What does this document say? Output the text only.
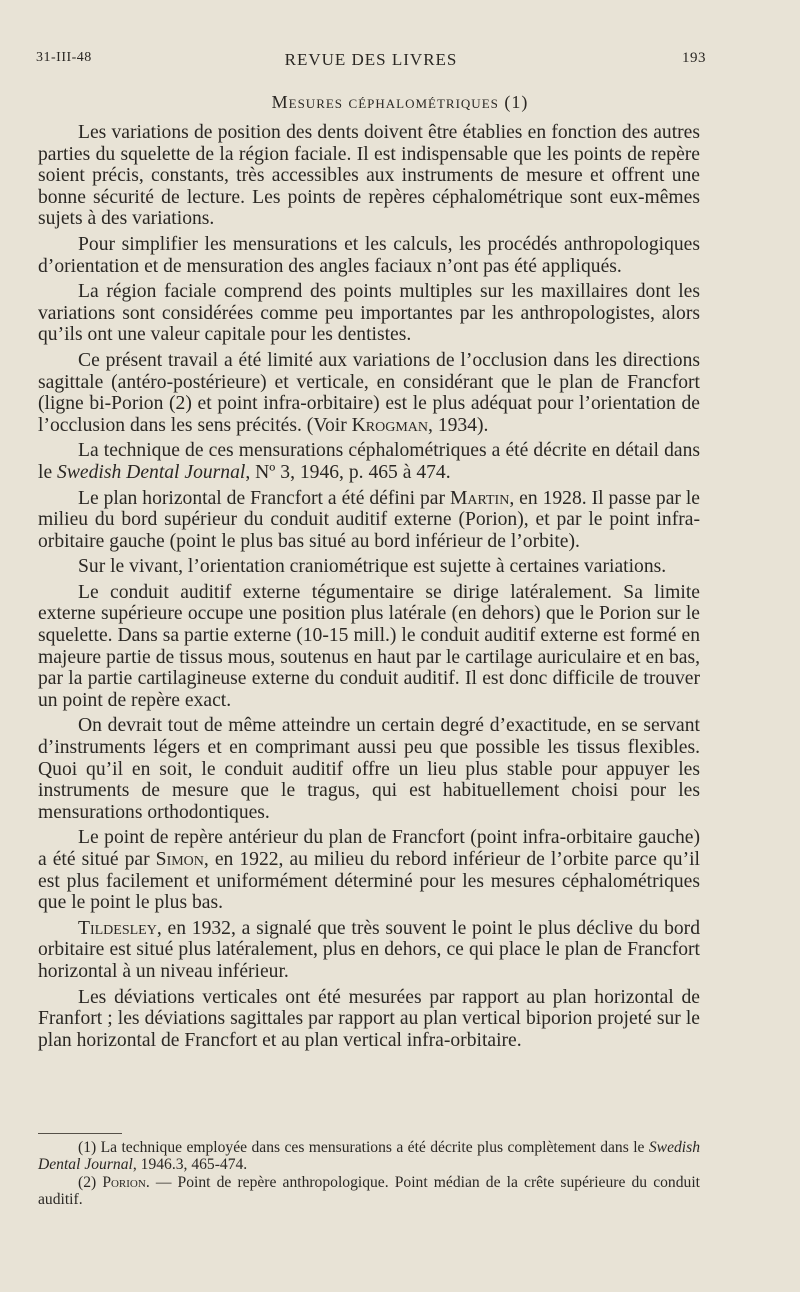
31-III-48	REVUE DES LIVRES	193
Mesures céphalométriques (1)

Les variations de position des dents doivent être établies en fonction des autres parties du squelette de la région faciale. Il est indispensable que les points de repère soient précis, constants, très accessibles aux instruments de mesure et offrent une bonne sécurité de lecture. Les points de repères céphalométrique sont eux-mêmes sujets à des variations.

Pour simplifier les mensurations et les calculs, les procédés anthropologiques d’orientation et de mensuration des angles faciaux n’ont pas été appliqués.

La région faciale comprend des points multiples sur les maxillaires dont les variations sont considérées comme peu importantes par les anthropologistes, alors qu’ils ont une valeur capitale pour les dentistes.

Ce présent travail a été limité aux variations de l’occlusion dans les directions sagittale (antéro-postérieure) et verticale, en considérant que le plan de Francfort (ligne bi-Porion (2) et point infra-orbitaire) est le plus adéquat pour l’orientation de l’occlusion dans les sens précités. (Voir Krogman, 1934).

La technique de ces mensurations céphalométriques a été décrite en détail dans le Swedish Dental Journal, Nº 3, 1946, p. 465 à 474.

Le plan horizontal de Francfort a été défini par Martin, en 1928. Il passe par le milieu du bord supérieur du conduit auditif externe (Porion), et par le point infra-orbitaire gauche (point le plus bas situé au bord inférieur de l’orbite).

Sur le vivant, l’orientation craniométrique est sujette à certaines variations.

Le conduit auditif externe tégumentaire se dirige latéralement. Sa limite externe supérieure occupe une position plus latérale (en dehors) que le Porion sur le squelette. Dans sa partie externe (10-15 mill.) le conduit auditif externe est formé en majeure partie de tissus mous, soutenus en haut par le cartilage auriculaire et en bas, par la partie cartilagineuse externe du conduit auditif. Il est donc difficile de trouver un point de repère exact.

On devrait tout de même atteindre un certain degré d’exactitude, en se servant d’instruments légers et en comprimant aussi peu que possible les tissus flexibles. Quoi qu’il en soit, le conduit auditif offre un lieu plus stable pour appuyer les instruments de mesure que le tragus, qui est habituellement choisi pour les mensurations orthodontiques.

Le point de repère antérieur du plan de Francfort (point infra-orbitaire gauche) a été situé par Simon, en 1922, au milieu du rebord inférieur de l’orbite parce qu’il est plus facilement et uniformément déterminé pour les mesures céphalométriques que le point le plus bas.

Tildesley, en 1932, a signalé que très souvent le point le plus déclive du bord orbitaire est situé plus latéralement, plus en dehors, ce qui place le plan de Francfort horizontal à un niveau inférieur.

Les déviations verticales ont été mesurées par rapport au plan horizontal de Franfort ; les déviations sagittales par rapport au plan vertical biporion projeté sur le plan horizontal de Francfort et au plan vertical infra-orbitaire.

(1) La technique employée dans ces mensurations a été décrite plus complètement dans le Swedish Dental Journal, 1946.3, 465-474.

(2) Porion. — Point de repère anthropologique. Point médian de la crête supérieure du conduit auditif.
